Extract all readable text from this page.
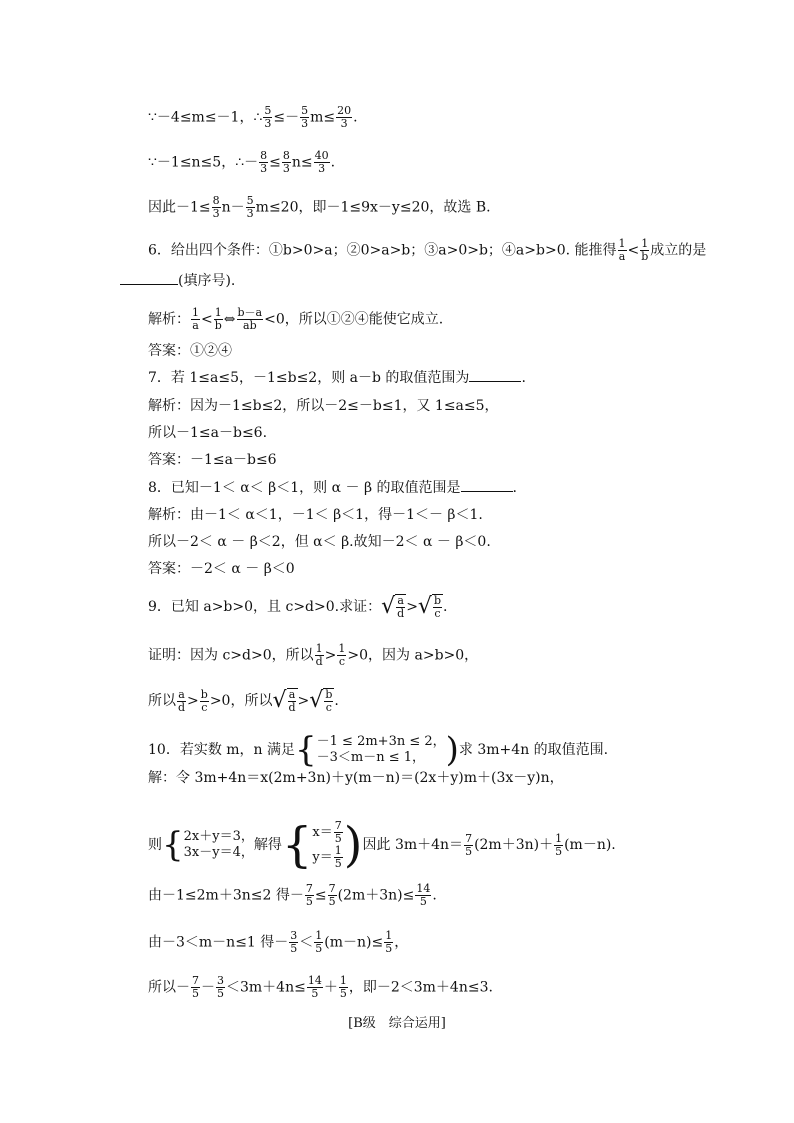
∵－4≤m≤－1，∴ $\frac{5}{3} \le- \frac{5}{3} m\le \frac{20}{3}$ .
∵－1≤n≤5，∴－ $\frac{8}{3} \le \frac{8}{3} n\le \frac{40}{3}$ .
因此$-1\le \frac{8}{3} n- \frac{5}{3} m\le 20$，即－1≤9x－y≤20，故选 B.
6．给出四个条件：①b>0>a；②0>a>b；③a>0>b；④a>b>0. 能推得 $\frac{1}{a} < \frac{1}{b}$ 成立的是
(填序号).
解析： $\frac{1}{a} < \frac{1}{b}$ ⇔ $\frac{b-a}{ab} <0$，所以①②④能使它成立.
答案：①②④
7．若 1≤a≤5，－1≤b≤2，则 a－b 的取值范围为	.
解析：因为－1≤b≤2，所以－2≤－b≤1，又 1≤a≤5，
所以－1≤a－b≤6.
答案：－1≤a－b≤6
8．已知－1＜ α＜ β＜1，则 α － β 的取值范围是	.
解析：由－1＜ α＜1，－1＜ β＜1，得－1＜－ β＜1.
所以－2＜ α － β＜2，但 α＜ β.故知－2＜ α － β＜0.
答案：－2＜ α － β＜0
9．已知 a>b>0，且 c>d>0.求证： √ $\frac{a}{d}$ > √ $\frac{b}{c}$ .
证明：因为 c>d>0，所以 $\frac{1}{d} > \frac{1}{c} >0$，因为 a>b>0，
所以 $\frac{a}{d} > \frac{b}{c} >0$，所以 √ $\frac{a}{d}$ > √ $\frac{b}{c}$ .
10．若实数 m，n 满足 { －1 ≤ 2m+3n ≤ 2，
－3＜m－n ≤ 1， ) 求 3m+4n 的取值范围.
解：令 3m+4n＝x(2m+3n)＋y(m－n)＝(2x＋y)m＋(3x－y)n，
则 { 2x＋y＝3，
3x－y＝4， 解得 { $x= \frac{7}{5}$
$y= \frac{1}{5}$ ) 因此 $3m+4n= \frac{7}{5} (2m+3n)+ \frac{1}{5} (m-n)$.
由－1≤2m＋3n≤2 得－ $\frac{7}{5} \le \frac{7}{5} (2m+3n)\le \frac{14}{5}$ .
由－3＜m－n≤1 得－ $\frac{3}{5} < \frac{1}{5} (m-n)\le \frac{1}{5}$ ，
所以－ $\frac{7}{5} - \frac{3}{5} <3m+4n\le \frac{14}{5} + \frac{1}{5}$ ，即－2＜3m＋4n≤3.
[B级　综合运用]
